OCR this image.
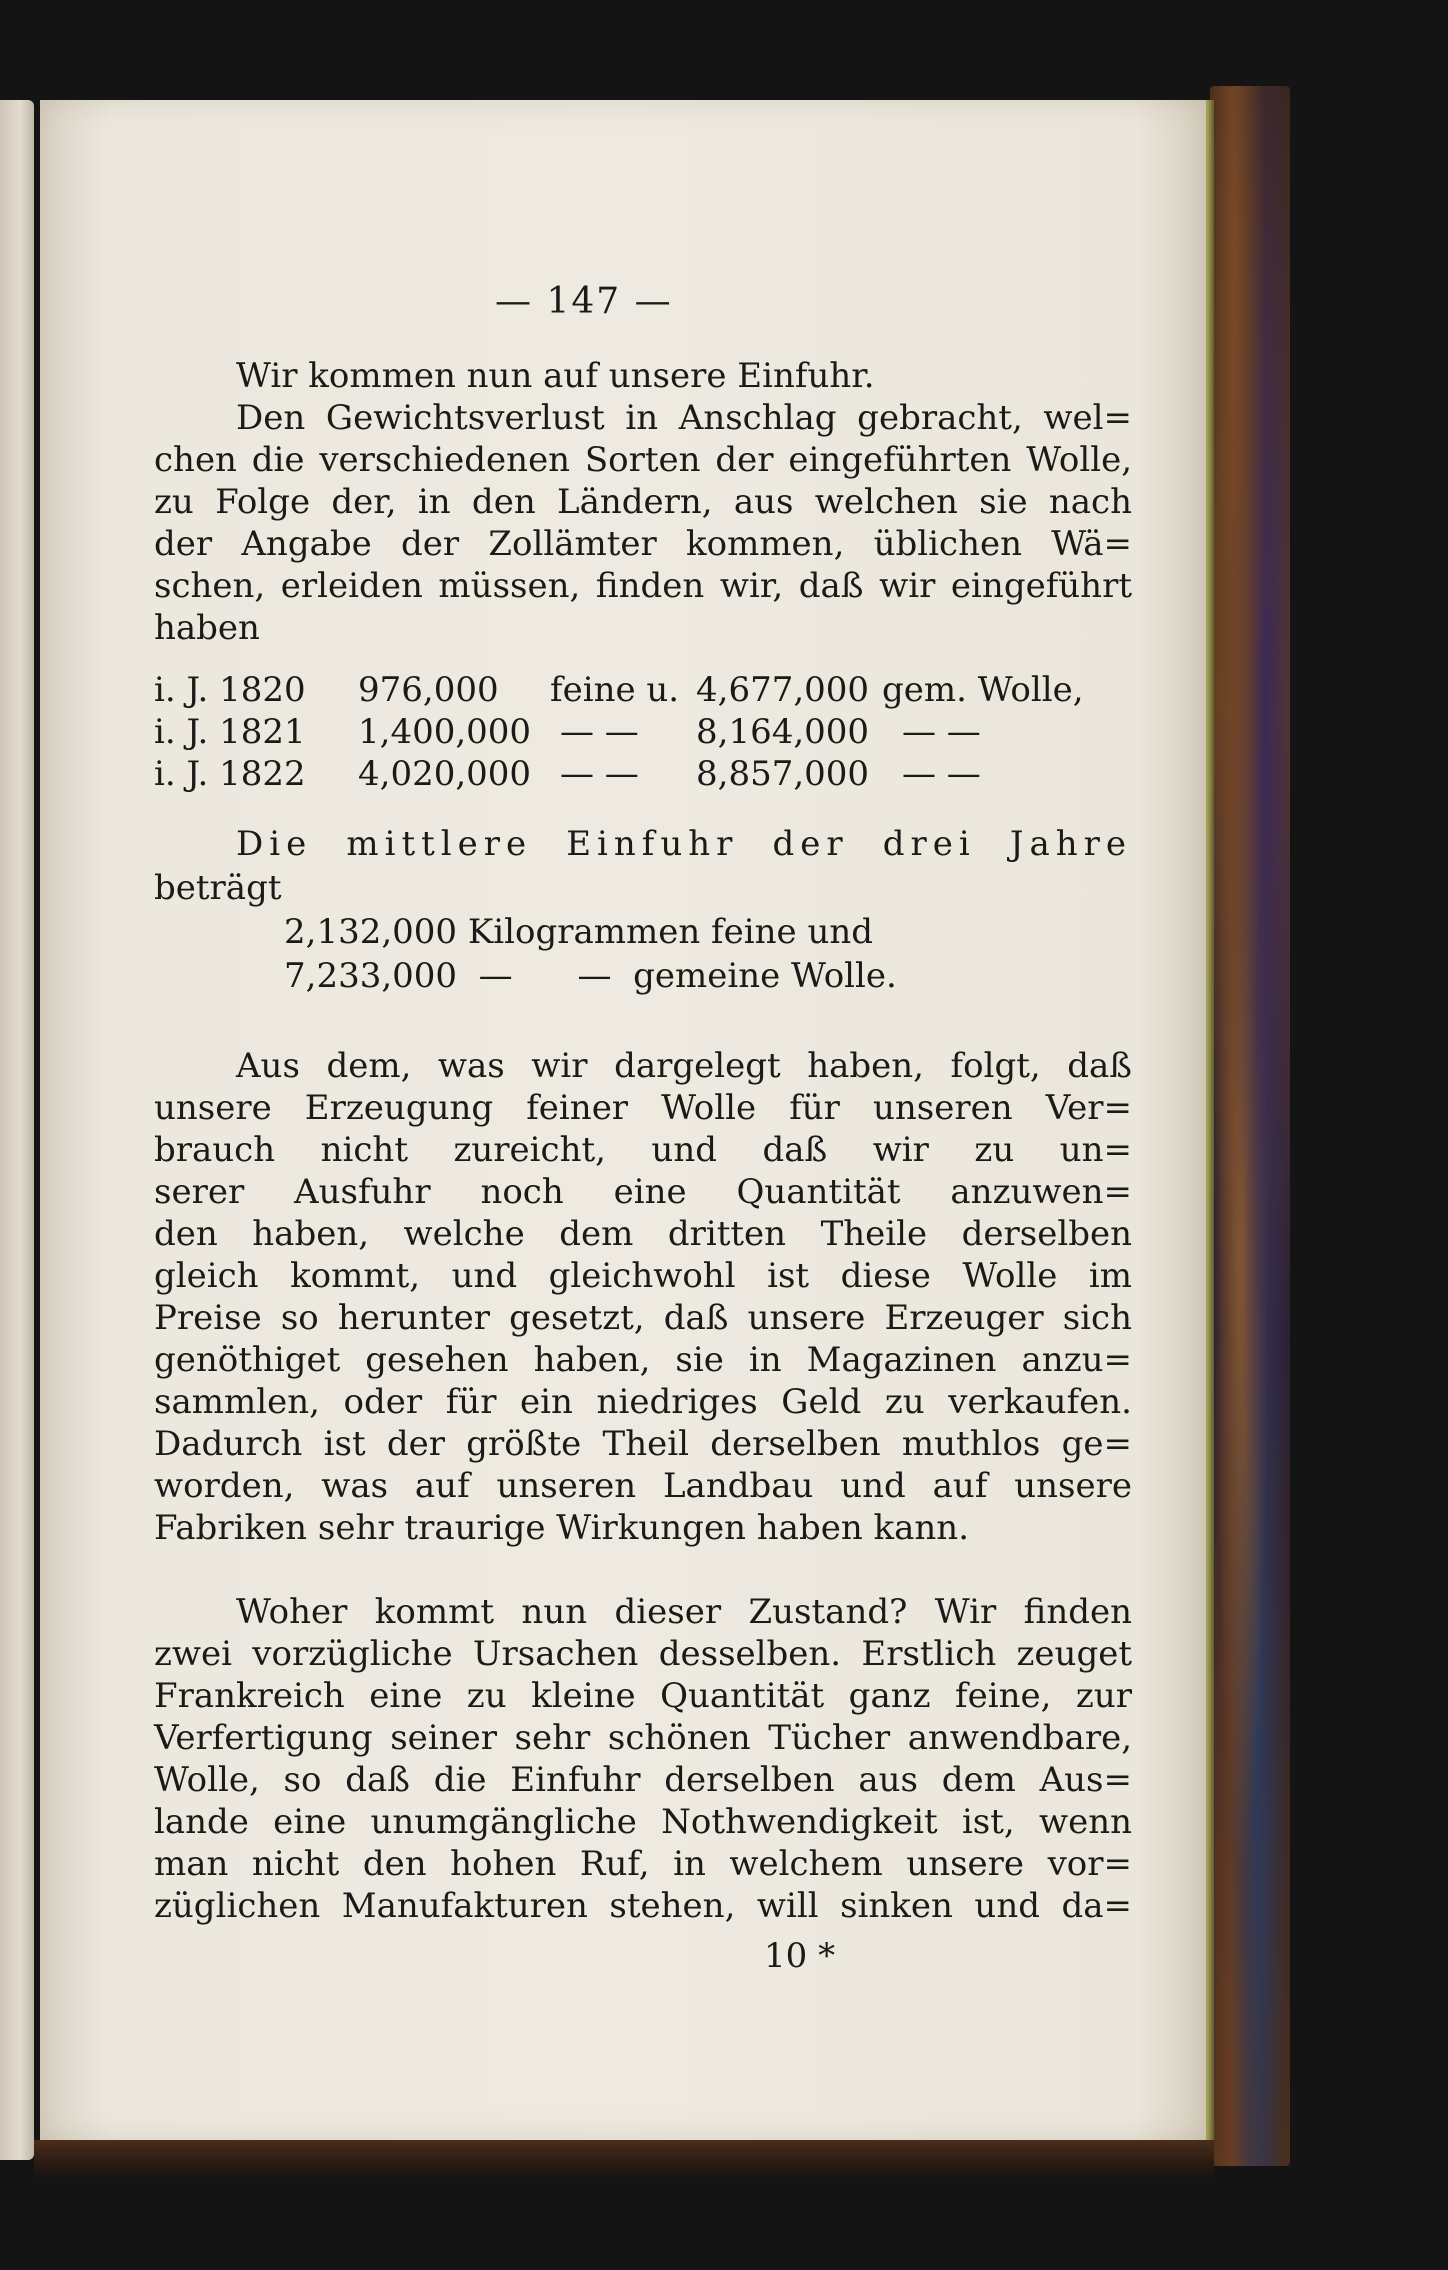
— 147 —

Wir kommen nun auf unsere Einfuhr.

Den Gewichtsverlust in Anschlag gebracht, wel=

chen die verschiedenen Sorten der eingeführten Wolle,

zu Folge der, in den Ländern, aus welchen sie nach

der Angabe der Zollämter kommen, üblichen Wä=

schen, erleiden müssen, finden wir, daß wir eingeführt

haben

i. J. 1820 976,000 feine u. 4,677,000 gem. Wolle,
i. J. 1821 1,400,000 — — 8,164,000 — —
i. J. 1822 4,020,000 — — 8,857,000 — —

Die mittlere Einfuhr der drei Jahre

beträgt

2,132,000 Kilogrammen feine und

7,233,000  —      —  gemeine Wolle.

Aus dem, was wir dargelegt haben, folgt, daß

unsere Erzeugung feiner Wolle für unseren Ver=

brauch nicht zureicht, und daß wir zu un=

serer Ausfuhr noch eine Quantität anzuwen=

den haben, welche dem dritten Theile derselben

gleich kommt, und gleichwohl ist diese Wolle im

Preise so herunter gesetzt, daß unsere Erzeuger sich

genöthiget gesehen haben, sie in Magazinen anzu=

sammlen, oder für ein niedriges Geld zu verkaufen.

Dadurch ist der größte Theil derselben muthlos ge=

worden, was auf unseren Landbau und auf unsere

Fabriken sehr traurige Wirkungen haben kann.

Woher kommt nun dieser Zustand? Wir finden

zwei vorzügliche Ursachen desselben. Erstlich zeuget

Frankreich eine zu kleine Quantität ganz feine, zur

Verfertigung seiner sehr schönen Tücher anwendbare,

Wolle, so daß die Einfuhr derselben aus dem Aus=

lande eine unumgängliche Nothwendigkeit ist, wenn

man nicht den hohen Ruf, in welchem unsere vor=

züglichen Manufakturen stehen, will sinken und da=

10 *
